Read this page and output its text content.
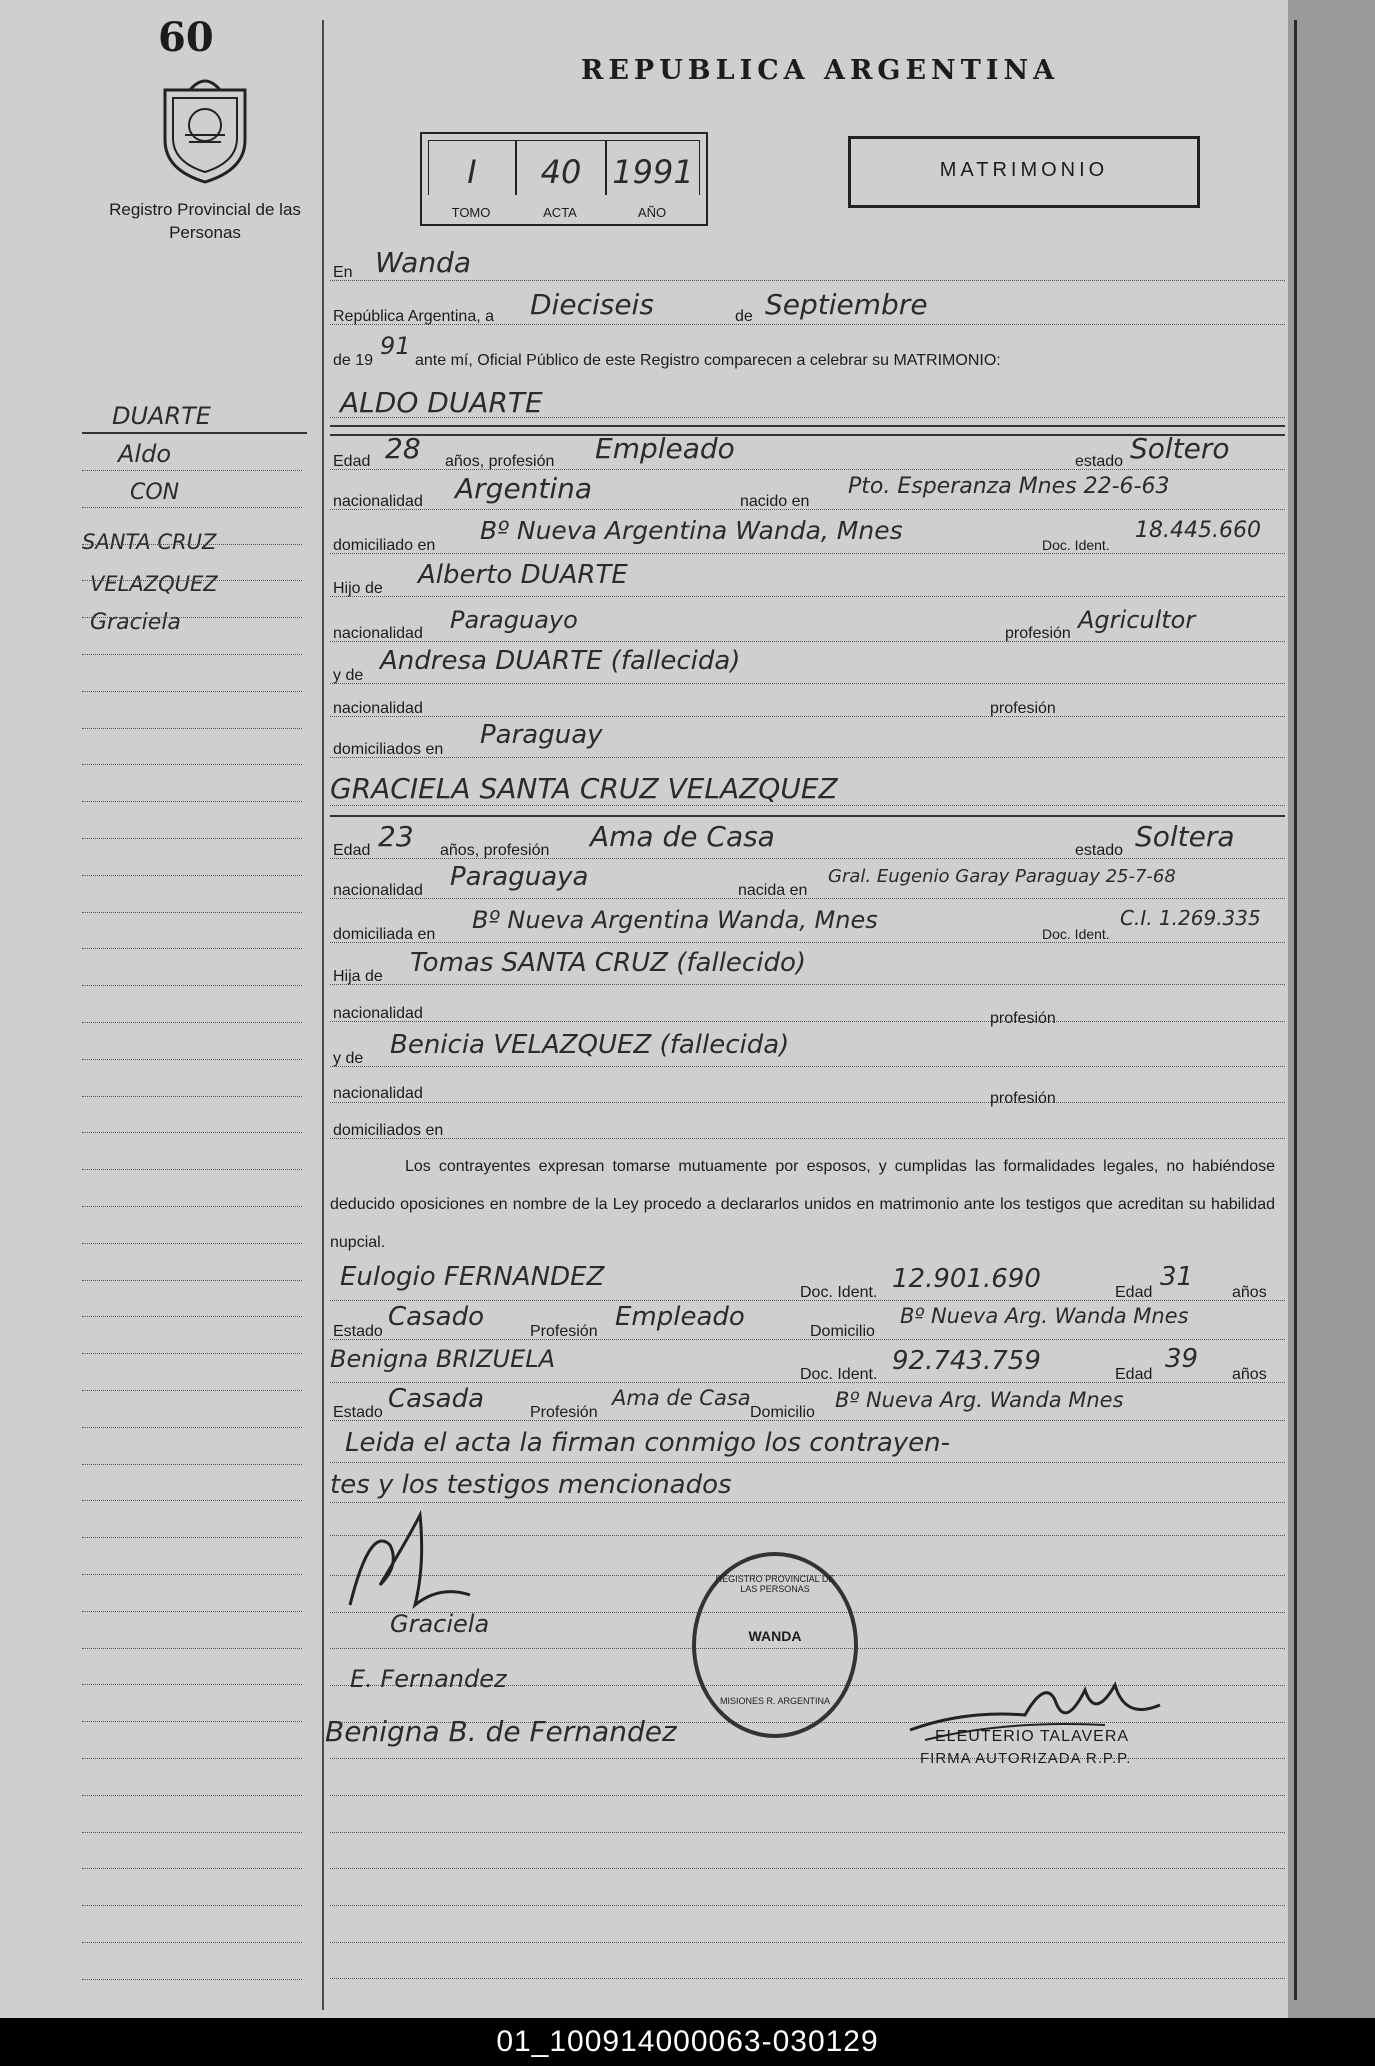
60
Registro Provincial de las Personas
DUARTE
Aldo
CON
SANTA CRUZ
VELAZQUEZ
Graciela
REPUBLICA ARGENTINA
I	40 1991
TOMO	ACTA	AÑO
MATRIMONIO
En Wanda
República Argentina, a Dieciseis	de Septiembre
de 19
91
ante mí, Oficial Público de este Registro comparecen a celebrar su MATRIMONIO:
ALDO DUARTE
Edad 28 años, profesión Empleado	estado Soltero
nacionalidad Argentina	nacido en
Pto. Esperanza Mnes 22-6-63
domiciliado en
Bº Nueva Argentina Wanda, Mnes	Doc. Ident.
18.445.660
Hijo de Alberto DUARTE
nacionalidad Paraguayo	profesión Agricultor
y de Andresa DUARTE (fallecida)
nacionalidad	profesión
domiciliados en Paraguay
GRACIELA SANTA CRUZ VELAZQUEZ
Edad 23 años, profesión Ama de Casa	estado Soltera
nacionalidad Paraguaya	nacida en
Gral. Eugenio Garay Paraguay 25-7-68
domiciliada en
Bº Nueva Argentina Wanda, Mnes	Doc. Ident.
C.I. 1.269.335
Hija de Tomas SANTA CRUZ (fallecido)
nacionalidad	profesión
y de Benicia VELAZQUEZ (fallecida)
nacionalidad	profesión
domiciliados en
Los contrayentes expresan tomarse mutuamente por esposos, y cumplidas las formalidades legales, no habiéndose deducido oposiciones en nombre de la Ley procedo a declararlos unidos en matrimonio ante los testigos que acreditan su habilidad nupcial.
Eulogio FERNANDEZ
Doc. Ident. 12.901.690	Edad
31
años
Estado Casado	Profesión Empleado	Domicilio
Bº Nueva Arg. Wanda Mnes
Benigna BRIZUELA
Doc. Ident. 92.743.759	Edad
39
años
Estado Casada	Profesión
Ama de Casa
Domicilio
Bº Nueva Arg. Wanda Mnes
Leida el acta la firman conmigo los contrayen-
tes y los testigos mencionados
Graciela
E. Fernandez
Benigna B. de Fernandez
WANDA
REGISTRO PROVINCIAL DE LAS PERSONAS
MISIONES R. ARGENTINA
ELEUTERIO TALAVERA
FIRMA AUTORIZADA R.P.P.
01_100914000063-030129
